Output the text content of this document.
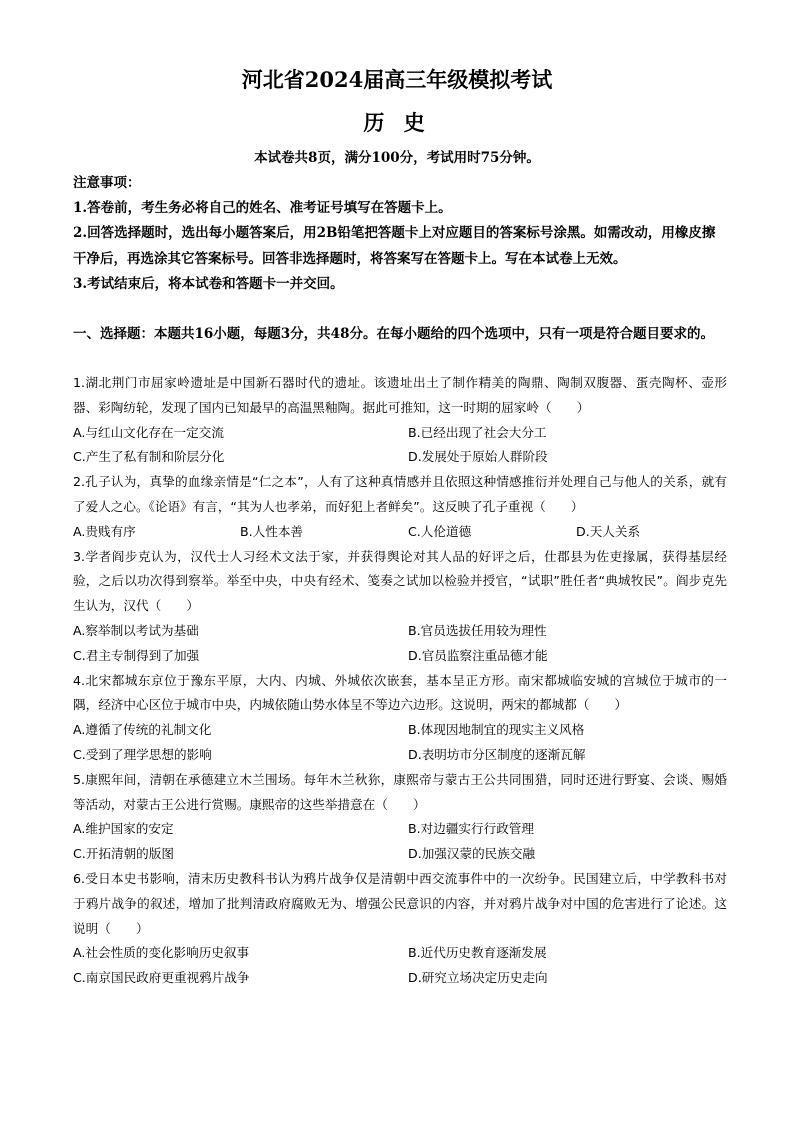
河北省2024届高三年级模拟考试
历 史
本试卷共8页，满分100分，考试用时75分钟。

注意事项：

1.答卷前，考生务必将自己的姓名、准考证号填写在答题卡上。

2.回答选择题时，选出每小题答案后，用2B铅笔把答题卡上对应题目的答案标号涂黑。如需改动，用橡皮擦干净后，再选涂其它答案标号。回答非选择题时，将答案写在答题卡上。写在本试卷上无效。

3.考试结束后，将本试卷和答题卡一并交回。

一、选择题：本题共16小题，每题3分，共48分。在每小题给的四个选项中，只有一项是符合题目要求的。

1.湖北荆门市屈家岭遗址是中国新石器时代的遗址。该遗址出土了制作精美的陶鼎、陶制双腹器、蛋壳陶杯、壶形器、彩陶纺轮，发现了国内已知最早的高温黑釉陶。据此可推知，这一时期的屈家岭（　　）

A.与红山文化存在一定交流	B.已经出现了社会大分工
C.产生了私有制和阶层分化	D.发展处于原始人群阶段

2.孔子认为，真挚的血缘亲情是“仁之本”，人有了这种真情感并且依照这种情感推衍并处理自己与他人的关系，就有了爱人之心。《论语》有言，“其为人也孝弟，而好犯上者鲜矣”。这反映了孔子重视（　　）

A.贵贱有序	B.人性本善	C.人伦道德	D.天人关系

3.学者阎步克认为，汉代士人习经术文法于家，并获得舆论对其人品的好评之后，仕郡县为佐吏掾属，获得基层经验，之后以功次得到察举。举至中央，中央有经术、笺奏之试加以检验并授官，“试职”胜任者“典城牧民”。阎步克先生认为，汉代（　　）

A.察举制以考试为基础	B.官员选拔任用较为理性
C.君主专制得到了加强	D.官员监察注重品德才能

4.北宋都城东京位于豫东平原，大内、内城、外城依次嵌套，基本呈正方形。南宋都城临安城的宫城位于城市的一隅，经济中心区位于城市中央，内城依随山势水体呈不等边六边形。这说明，两宋的都城都（　　）

A.遵循了传统的礼制文化	B.体现因地制宜的现实主义风格
C.受到了理学思想的影响	D.表明坊市分区制度的逐渐瓦解

5.康熙年间，清朝在承德建立木兰围场。每年木兰秋狝，康熙帝与蒙古王公共同围猎，同时还进行野宴、会谈、赐婚等活动，对蒙古王公进行赏赐。康熙帝的这些举措意在（　　）

A.维护国家的安定	B.对边疆实行行政管理
C.开拓清朝的版图	D.加强汉蒙的民族交融

6.受日本史书影响，清末历史教科书认为鸦片战争仅是清朝中西交流事件中的一次纷争。民国建立后，中学教科书对于鸦片战争的叙述，增加了批判清政府腐败无为、增强公民意识的内容，并对鸦片战争对中国的危害进行了论述。这说明（　　）

A.社会性质的变化影响历史叙事	B.近代历史教育逐渐发展
C.南京国民政府更重视鸦片战争	D.研究立场决定历史走向
